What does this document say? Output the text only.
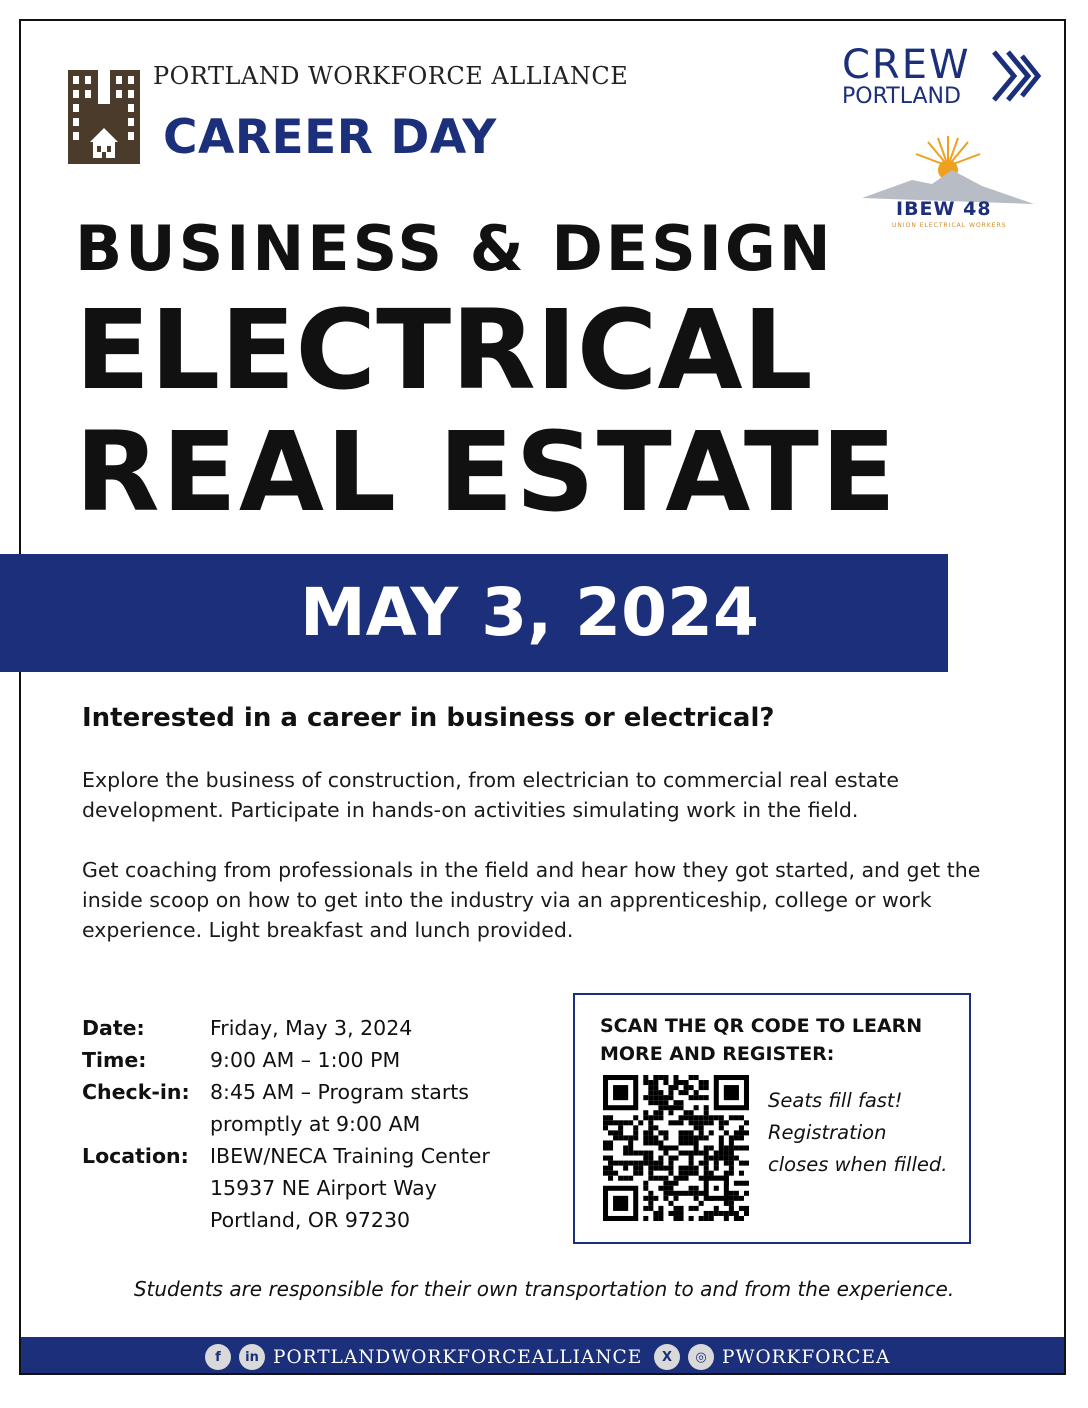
PORTLAND WORKFORCE ALLIANCE
CAREER DAY
CREW
PORTLAND
IBEW 48
UNION ELECTRICAL WORKERS
BUSINESS & DESIGN
ELECTRICAL
REAL ESTATE
MAY 3, 2024
Interested in a career in business or electrical?
Explore the business of construction, from electrician to commercial real estate development. Participate in hands-on activities simulating work in the field.
Get coaching from professionals in the field and hear how they got started, and get the inside scoop on how to get into the industry via an apprenticeship, college or work experience. Light breakfast and lunch provided.
Date:	Friday, May 3, 2024
Time:	9:00 AM – 1:00 PM
Check-in: 8:45 AM – Program starts promptly at 9:00 AM
Location:	IBEW/NECA Training Center
15937 NE Airport Way
Portland, OR 97230
SCAN THE QR CODE TO LEARN MORE AND REGISTER:
Seats fill fast!
Registration
closes when filled.
Students are responsible for their own transportation to and from the experience.
f	in PORTLANDWORKFORCEALLIANCE	X	◎ PWORKFORCEA
